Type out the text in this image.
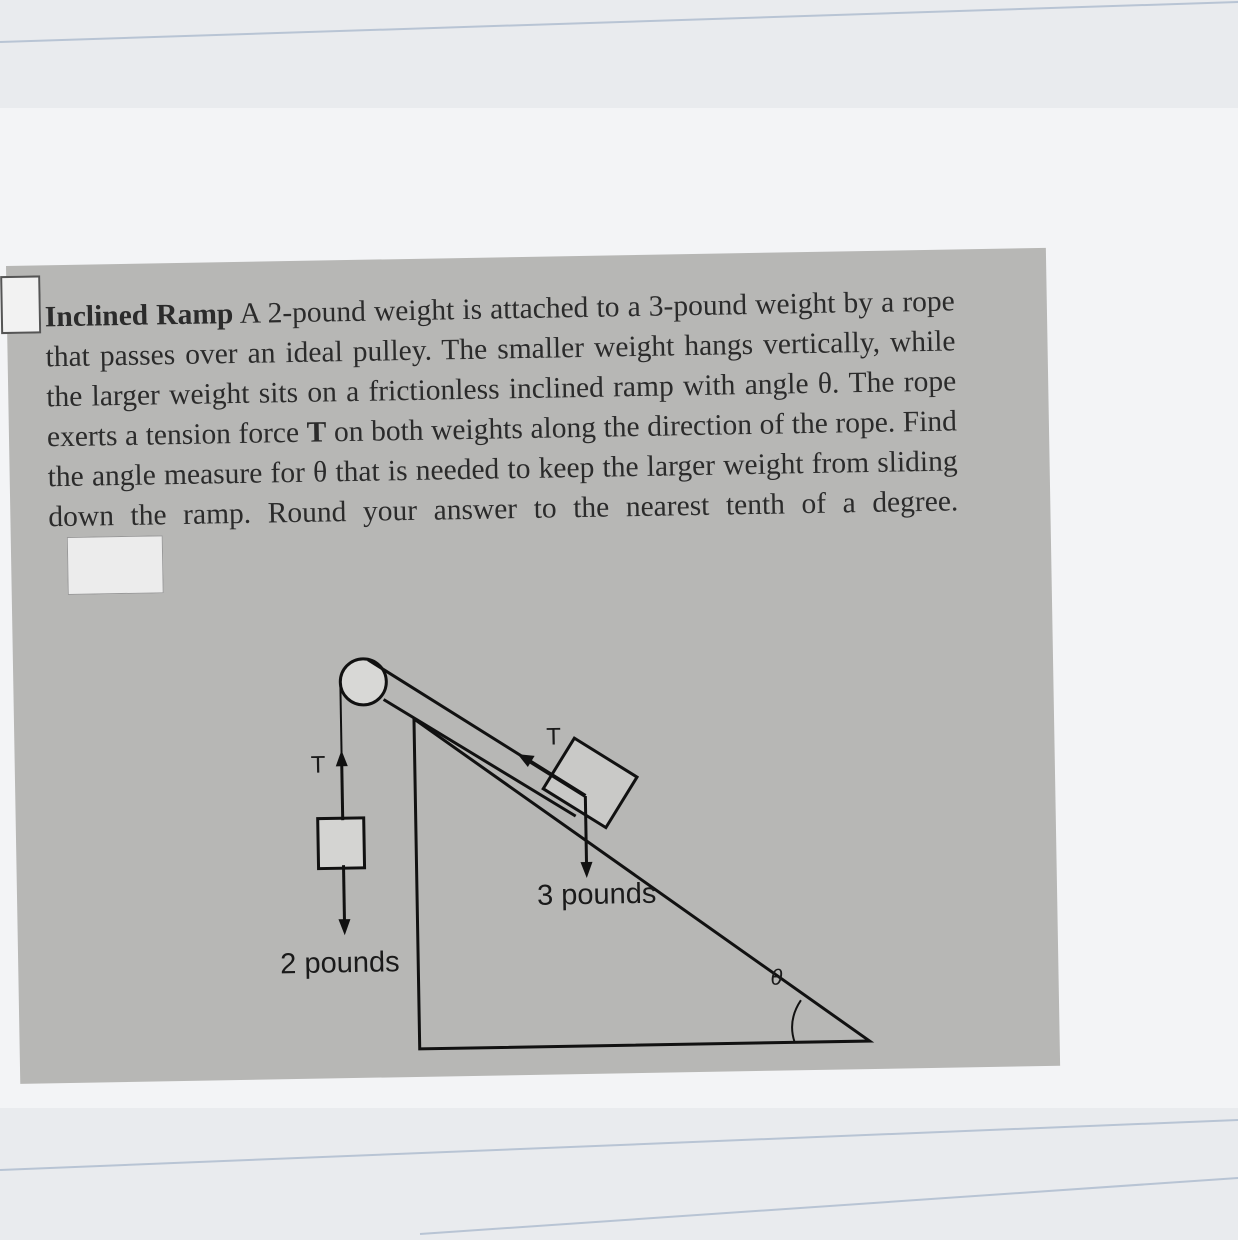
Inclined Ramp A 2-pound weight is attached to a 3-pound weight by a rope that passes over an ideal pulley. The smaller weight hangs vertically, while the larger weight sits on a frictionless inclined ramp with angle θ. The rope exerts a tension force T on both weights along the direction of the rope. Find the angle measure for θ that is needed to keep the larger weight from sliding down the ramp. Round your answer to the nearest tenth of a degree.
T
T
2 pounds
3 pounds
θ
